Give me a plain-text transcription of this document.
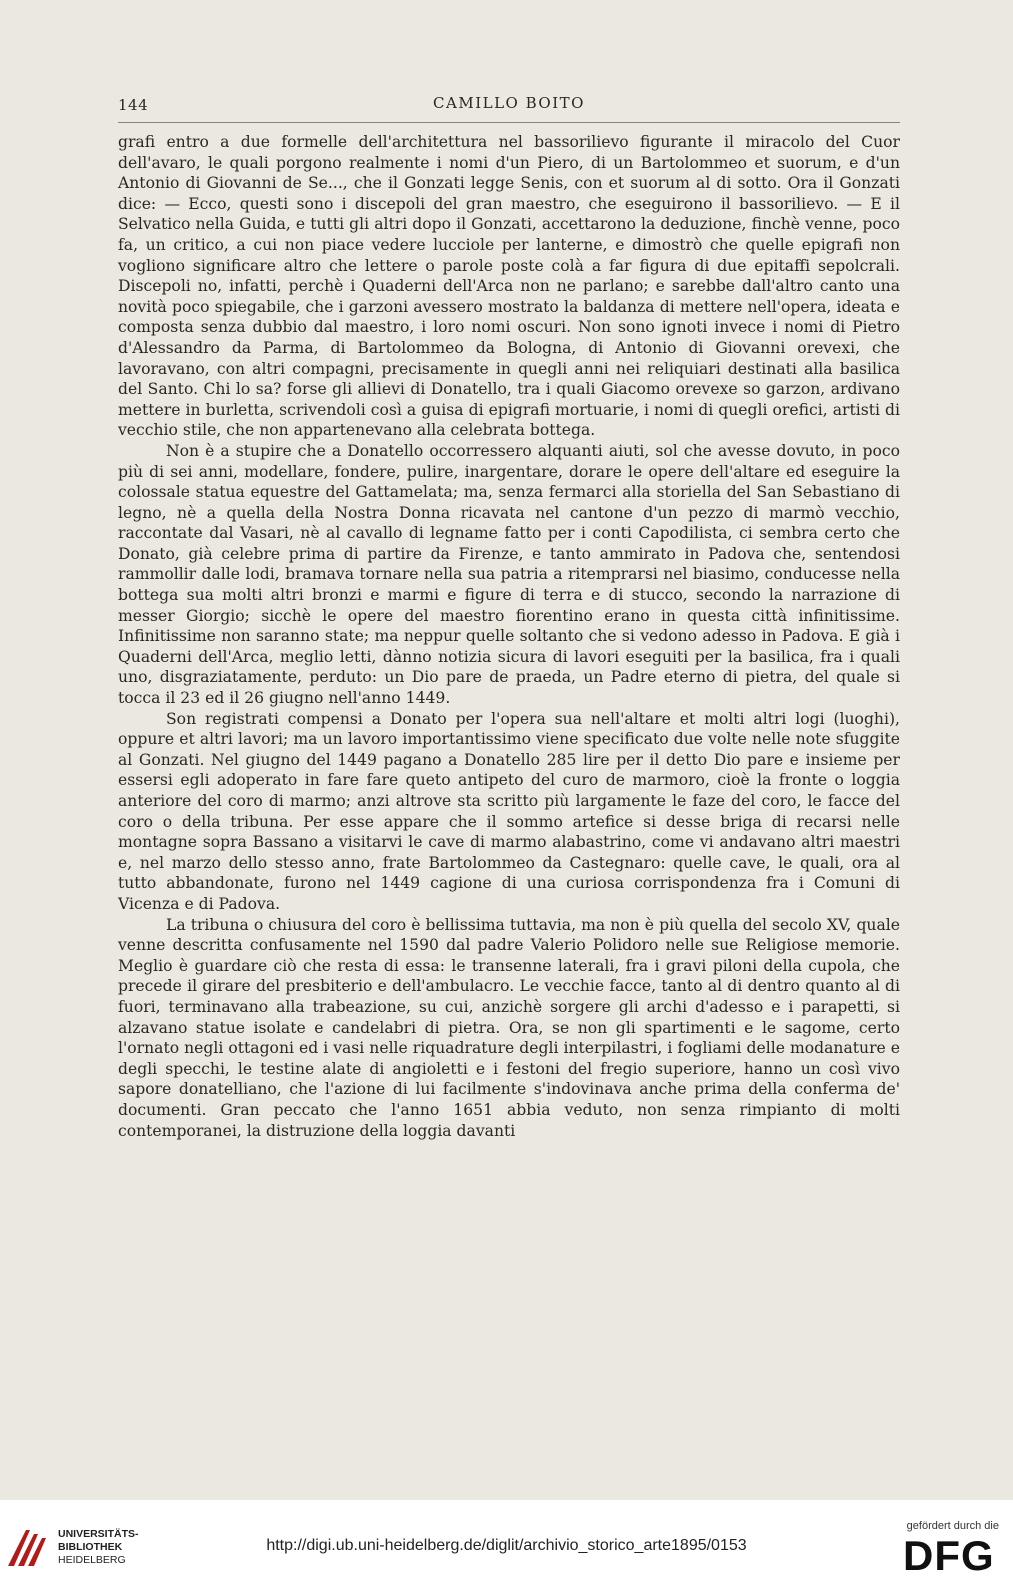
144	CAMILLO BOITO

grafi entro a due formelle dell'architettura nel bassorilievo figurante il miracolo del Cuor dell'avaro, le quali porgono realmente i nomi d'un Piero, di un Bartolommeo et suorum, e d'un Antonio di Giovanni de Se..., che il Gonzati legge Senis, con et suorum al di sotto. Ora il Gonzati dice: — Ecco, questi sono i discepoli del gran maestro, che eseguirono il bassorilievo. — E il Selvatico nella Guida, e tutti gli altri dopo il Gonzati, accettarono la deduzione, finchè venne, poco fa, un critico, a cui non piace vedere lucciole per lanterne, e dimostrò che quelle epigrafi non vogliono significare altro che lettere o parole poste colà a far figura di due epitaffi sepolcrali. Discepoli no, infatti, perchè i Quaderni dell'Arca non ne parlano; e sarebbe dall'altro canto una novità poco spiegabile, che i garzoni avessero mostrato la baldanza di mettere nell'opera, ideata e composta senza dubbio dal maestro, i loro nomi oscuri. Non sono ignoti invece i nomi di Pietro d'Alessandro da Parma, di Bartolommeo da Bologna, di Antonio di Giovanni orevexi, che lavoravano, con altri compagni, precisamente in quegli anni nei reliquiari destinati alla basilica del Santo. Chi lo sa? forse gli allievi di Donatello, tra i quali Giacomo orevexe so garzon, ardivano mettere in burletta, scrivendoli così a guisa di epigrafi mortuarie, i nomi di quegli orefici, artisti di vecchio stile, che non appartenevano alla celebrata bottega.

Non è a stupire che a Donatello occorressero alquanti aiuti, sol che avesse dovuto, in poco più di sei anni, modellare, fondere, pulire, inargentare, dorare le opere dell'altare ed eseguire la colossale statua equestre del Gattamelata; ma, senza fermarci alla storiella del San Sebastiano di legno, nè a quella della Nostra Donna ricavata nel cantone d'un pezzo di marmò vecchio, raccontate dal Vasari, nè al cavallo di legname fatto per i conti Capodilista, ci sembra certo che Donato, già celebre prima di partire da Firenze, e tanto ammirato in Padova che, sentendosi rammollir dalle lodi, bramava tornare nella sua patria a ritemprarsi nel biasimo, conducesse nella bottega sua molti altri bronzi e marmi e figure di terra e di stucco, secondo la narrazione di messer Giorgio; sicchè le opere del maestro fiorentino erano in questa città infinitissime. Infinitissime non saranno state; ma neppur quelle soltanto che si vedono adesso in Padova. E già i Quaderni dell'Arca, meglio letti, dànno notizia sicura di lavori eseguiti per la basilica, fra i quali uno, disgraziatamente, perduto: un Dio pare de praeda, un Padre eterno di pietra, del quale si tocca il 23 ed il 26 giugno nell'anno 1449.

Son registrati compensi a Donato per l'opera sua nell'altare et molti altri logi (luoghi), oppure et altri lavori; ma un lavoro importantissimo viene specificato due volte nelle note sfuggite al Gonzati. Nel giugno del 1449 pagano a Donatello 285 lire per il detto Dio pare e insieme per essersi egli adoperato in fare fare queto antipeto del curo de marmoro, cioè la fronte o loggia anteriore del coro di marmo; anzi altrove sta scritto più largamente le faze del coro, le facce del coro o della tribuna. Per esse appare che il sommo artefice si desse briga di recarsi nelle montagne sopra Bassano a visitarvi le cave di marmo alabastrino, come vi andavano altri maestri e, nel marzo dello stesso anno, frate Bartolommeo da Castegnaro: quelle cave, le quali, ora al tutto abbandonate, furono nel 1449 cagione di una curiosa corrispondenza fra i Comuni di Vicenza e di Padova.

La tribuna o chiusura del coro è bellissima tuttavia, ma non è più quella del secolo XV, quale venne descritta confusamente nel 1590 dal padre Valerio Polidoro nelle sue Religiose memorie. Meglio è guardare ciò che resta di essa: le transenne laterali, fra i gravi piloni della cupola, che precede il girare del presbiterio e dell'ambulacro. Le vecchie facce, tanto al di dentro quanto al di fuori, terminavano alla trabeazione, su cui, anzichè sorgere gli archi d'adesso e i parapetti, si alzavano statue isolate e candelabri di pietra. Ora, se non gli spartimenti e le sagome, certo l'ornato negli ottagoni ed i vasi nelle riquadrature degli interpilastri, i fogliami delle modanature e degli specchi, le testine alate di angioletti e i festoni del fregio superiore, hanno un così vivo sapore donatelliano, che l'azione di lui facilmente s'indovinava anche prima della conferma de' documenti. Gran peccato che l'anno 1651 abbia veduto, non senza rimpianto di molti contemporanei, la distruzione della loggia davanti

UNIVERSITÄTS-
BIBLIOTHEK
HEIDELBERG
http://digi.ub.uni-heidelberg.de/diglit/archivio_storico_arte1895/0153
gefördert durch die
DFG
